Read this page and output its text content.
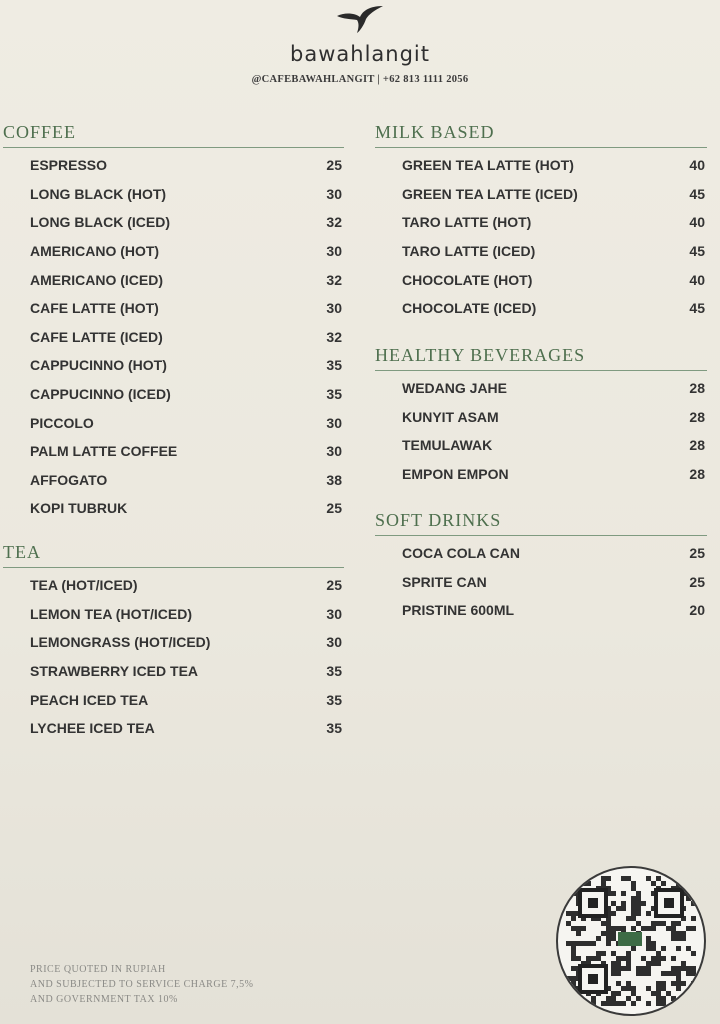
bawahlangit
@CAFEBAWAHLANGIT | +62 813 1111 2056
COFFEE
ESPRESSO	25
LONG BLACK (HOT)	30
LONG BLACK (ICED)	32
AMERICANO (HOT)	30
AMERICANO (ICED)	32
CAFE LATTE (HOT)	30
CAFE LATTE (ICED)	32
CAPPUCINNO (HOT)	35
CAPPUCINNO (ICED)	35
PICCOLO	30
PALM LATTE COFFEE	30
AFFOGATO	38
KOPI TUBRUK	25
TEA
TEA (HOT/ICED)	25
LEMON TEA (HOT/ICED)	30
LEMONGRASS (HOT/ICED)	30
STRAWBERRY ICED TEA	35
PEACH ICED TEA	35
LYCHEE ICED TEA	35
MILK BASED
GREEN TEA LATTE (HOT)	40
GREEN TEA LATTE (ICED)	45
TARO LATTE (HOT)	40
TARO LATTE (ICED)	45
CHOCOLATE (HOT)	40
CHOCOLATE (ICED)	45
HEALTHY BEVERAGES
WEDANG JAHE	28
KUNYIT ASAM	28
TEMULAWAK	28
EMPON EMPON	28
SOFT DRINKS
COCA COLA CAN	25
SPRITE CAN	25
PRISTINE 600ML	20
PRICE QUOTED IN RUPIAH
AND SUBJECTED TO SERVICE CHARGE 7,5%
AND GOVERNMENT TAX 10%
